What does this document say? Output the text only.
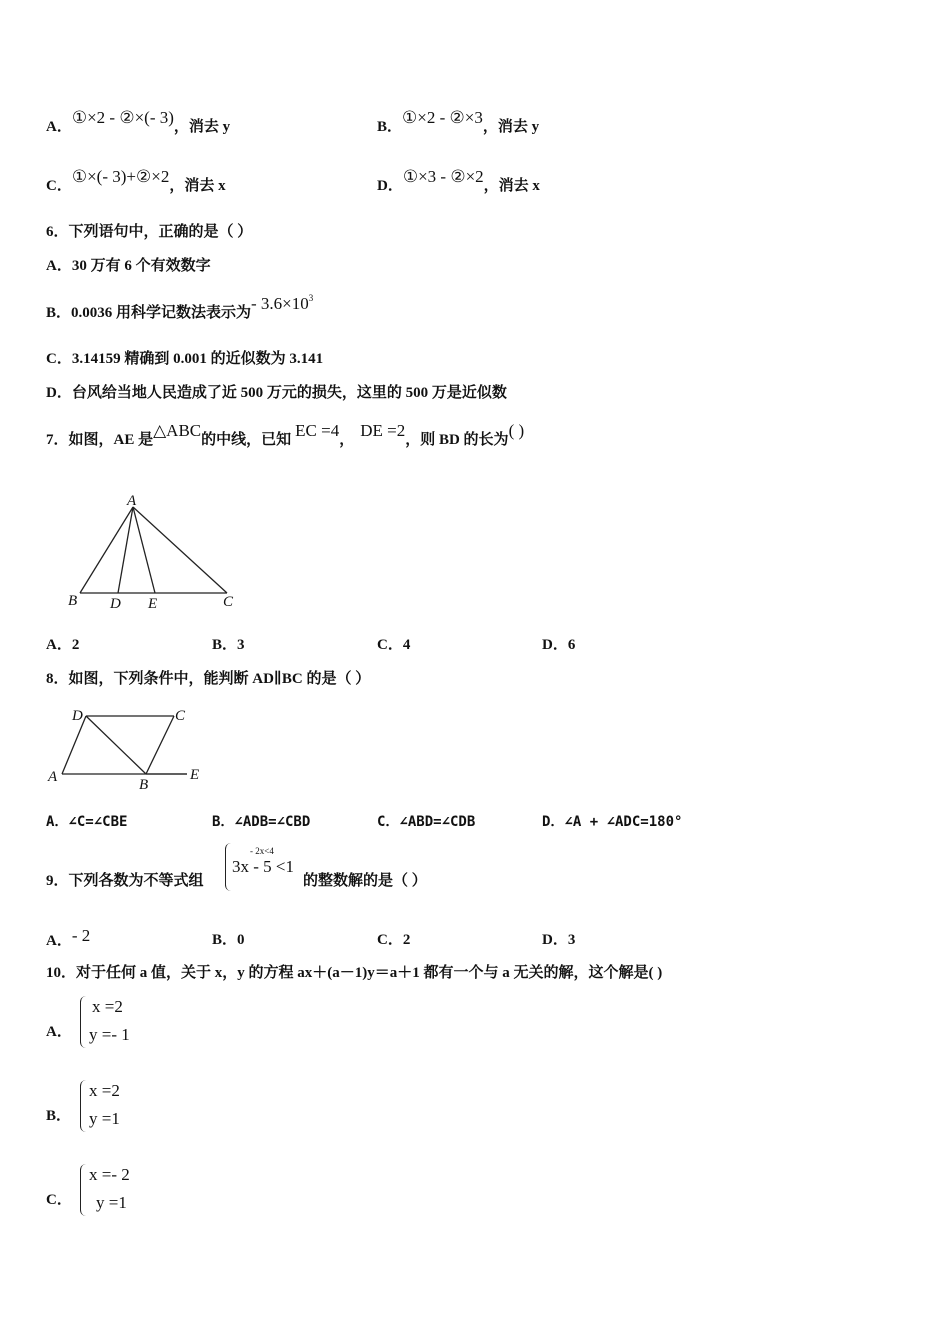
A．①×2 - ②×(- 3)，消去 y	B．①×2 - ②×3，消去 y
C．①×(- 3)+②×2，消去 x	D．①×3 - ②×2，消去 x
6．下列语句中，正确的是（ ）
A．30 万有 6 个有效数字
B．0.0036 用科学记数法表示为- $3.6\times 10^3$
C．3.14159 精确到 0.001 的近似数为 3.141
D．台风给当地人民造成了近 500 万元的损失，这里的 500 万是近似数
7．如图，AE 是△ABC的中线，已知 EC =4， DE =2，则 BD 的长为( )
A
B D E	C
A．2	B．3	C．4	D．6
8．如图，下列条件中，能判断 AD∥BC 的是（ ）
D	C
A	B
E
A．∠C=∠CBE	B．∠ADB=∠CBD	C．∠ABD=∠CDB	D．∠A + ∠ADC=180°
9．下列各数为不等式组
- 2x<4
3x - 5 <1
的整数解的是（ ）
A．- 2	B．0	C．2	D．3
10．对于任何 a 值，关于 x，y 的方程 ax＋(a－1)y＝a＋1 都有一个与 a 无关的解，这个解是( )
A．
x =2
y =- 1
B．
x =2
y =1
C．
x =- 2
y =1
